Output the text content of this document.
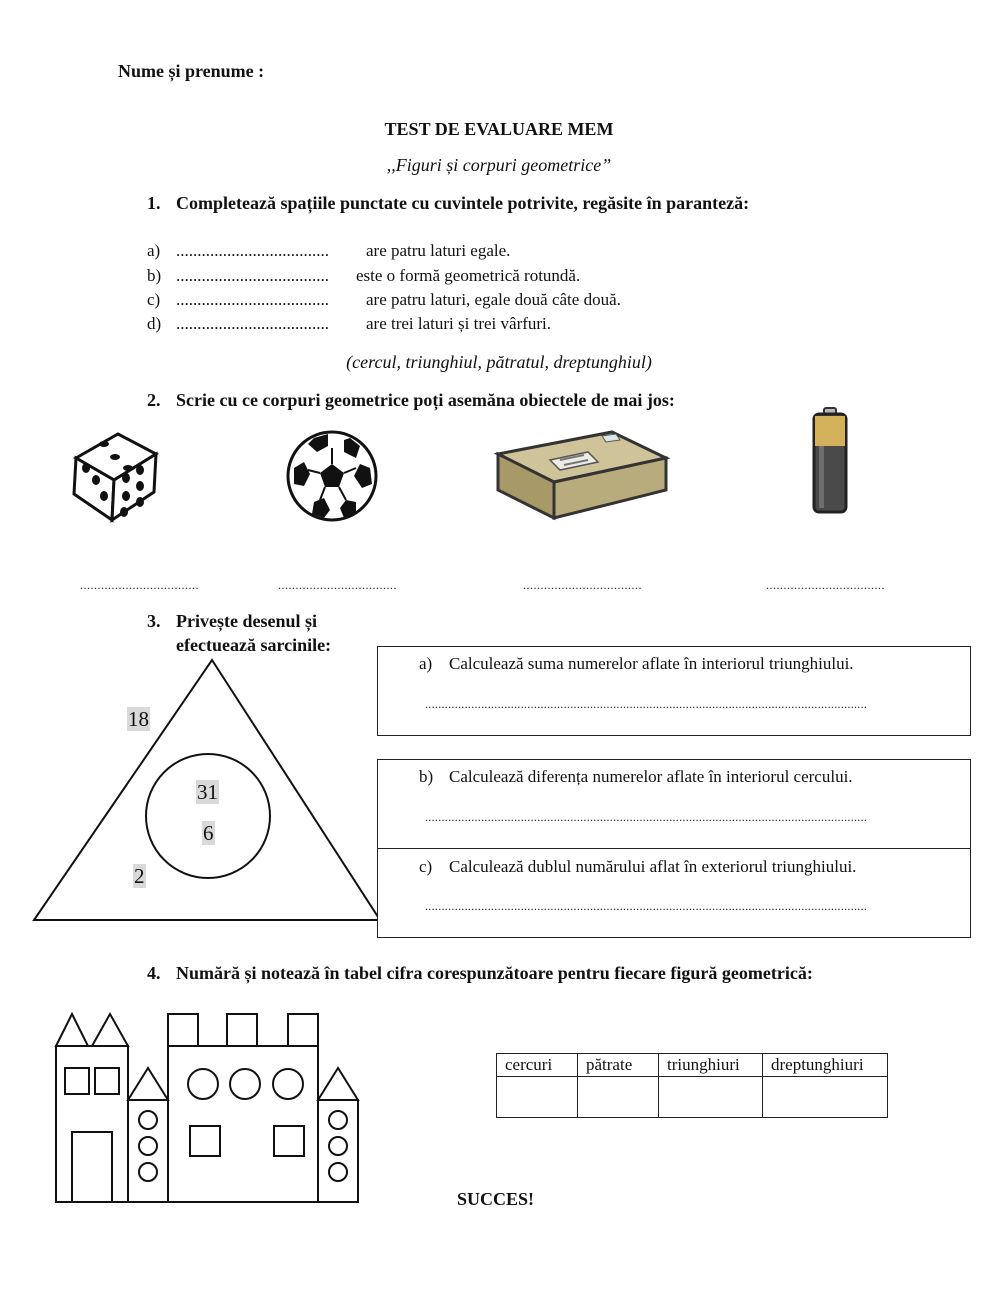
Nume și prenume :
TEST DE EVALUARE MEM
,,Figuri și corpuri geometrice”
1. Completează spațiile punctate cu cuvintele potrivite, regăsite în paranteză:
a) .................................... are patru laturi egale.
b) .................................... este o formă geometrică rotundă.
c) .................................... are patru laturi, egale două câte două.
d) .................................... are trei laturi și trei vârfuri.
(cercul, triunghiul, pătratul, dreptunghiul)
2. Scrie cu ce corpuri geometrice poți asemăna obiectele de mai jos:
..................................	..................................	..................................	..................................
3. Privește desenul și
efectuează sarcinile:
18
31
6
2
a) Calculează suma numerelor aflate în interiorul triunghiului.
......................................................................................................................................
b) Calculează diferența numerelor aflate în interiorul cercului.
......................................................................................................................................
c) Calculează dublul numărului aflat în exteriorul triunghiului.
......................................................................................................................................
4. Numără și notează în tabel cifra corespunzătoare pentru fiecare figură geometrică:
cercuri	pătrate	triunghiuri	dreptunghiuri

SUCCES!
